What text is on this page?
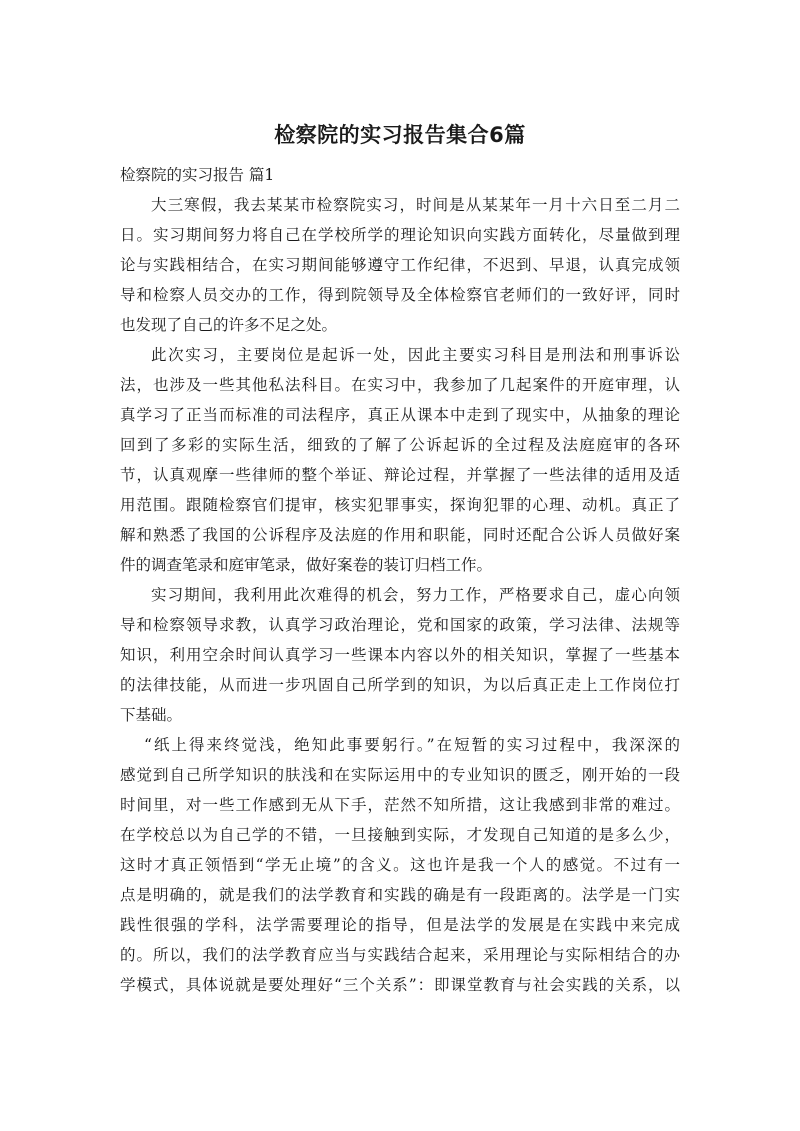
检察院的实习报告集合6篇
检察院的实习报告 篇1
大三寒假，我去某某市检察院实习，时间是从某某年一月十六日至二月二
日。实习期间努力将自己在学校所学的理论知识向实践方面转化，尽量做到理
论与实践相结合，在实习期间能够遵守工作纪律，不迟到、早退，认真完成领
导和检察人员交办的工作，得到院领导及全体检察官老师们的一致好评，同时
也发现了自己的许多不足之处。
此次实习，主要岗位是起诉一处，因此主要实习科目是刑法和刑事诉讼
法，也涉及一些其他私法科目。在实习中，我参加了几起案件的开庭审理，认
真学习了正当而标准的司法程序，真正从课本中走到了现实中，从抽象的理论
回到了多彩的实际生活，细致的了解了公诉起诉的全过程及法庭庭审的各环
节，认真观摩一些律师的整个举证、辩论过程，并掌握了一些法律的适用及适
用范围。跟随检察官们提审，核实犯罪事实，探询犯罪的心理、动机。真正了
解和熟悉了我国的公诉程序及法庭的作用和职能，同时还配合公诉人员做好案
件的调查笔录和庭审笔录，做好案卷的装订归档工作。
实习期间，我利用此次难得的机会，努力工作，严格要求自己，虚心向领
导和检察领导求教，认真学习政治理论，党和国家的政策，学习法律、法规等
知识，利用空余时间认真学习一些课本内容以外的相关知识，掌握了一些基本
的法律技能，从而进一步巩固自己所学到的知识，为以后真正走上工作岗位打
下基础。
“纸上得来终觉浅，绝知此事要躬行。”在短暂的实习过程中，我深深的
感觉到自己所学知识的肤浅和在实际运用中的专业知识的匮乏，刚开始的一段
时间里，对一些工作感到无从下手，茫然不知所措，这让我感到非常的难过。
在学校总以为自己学的不错，一旦接触到实际，才发现自己知道的是多么少，
这时才真正领悟到“学无止境”的含义。这也许是我一个人的感觉。不过有一
点是明确的，就是我们的法学教育和实践的确是有一段距离的。法学是一门实
践性很强的学科，法学需要理论的指导，但是法学的发展是在实践中来完成
的。所以，我们的法学教育应当与实践结合起来，采用理论与实际相结合的办
学模式，具体说就是要处理好“三个关系”：即课堂教育与社会实践的关系，以
